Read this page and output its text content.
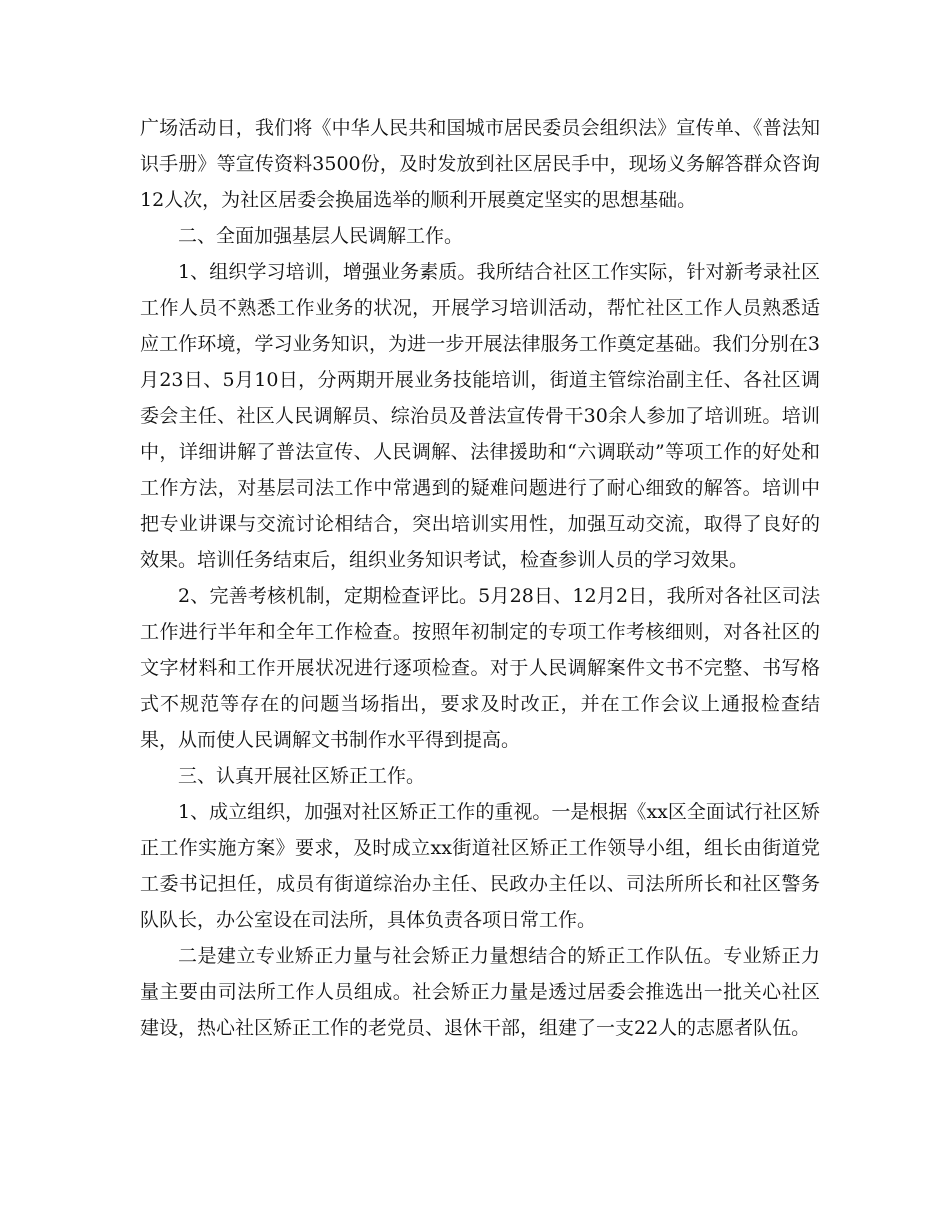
广场活动日，我们将《中华人民共和国城市居民委员会组织法》宣传单、《普法知识手册》等宣传资料3500份，及时发放到社区居民手中，现场义务解答群众咨询12人次，为社区居委会换届选举的顺利开展奠定坚实的思想基础。

二、全面加强基层人民调解工作。

1、组织学习培训，增强业务素质。我所结合社区工作实际，针对新考录社区工作人员不熟悉工作业务的状况，开展学习培训活动，帮忙社区工作人员熟悉适应工作环境，学习业务知识，为进一步开展法律服务工作奠定基础。我们分别在3月23日、5月10日，分两期开展业务技能培训，街道主管综治副主任、各社区调委会主任、社区人民调解员、综治员及普法宣传骨干30余人参加了培训班。培训中，详细讲解了普法宣传、人民调解、法律援助和“六调联动”等项工作的好处和工作方法，对基层司法工作中常遇到的疑难问题进行了耐心细致的解答。培训中把专业讲课与交流讨论相结合，突出培训实用性，加强互动交流，取得了良好的效果。培训任务结束后，组织业务知识考试，检查参训人员的学习效果。

2、完善考核机制，定期检查评比。5月28日、12月2日，我所对各社区司法工作进行半年和全年工作检查。按照年初制定的专项工作考核细则，对各社区的文字材料和工作开展状况进行逐项检查。对于人民调解案件文书不完整、书写格式不规范等存在的问题当场指出，要求及时改正，并在工作会议上通报检查结果，从而使人民调解文书制作水平得到提高。

三、认真开展社区矫正工作。

1、成立组织，加强对社区矫正工作的重视。一是根据《xx区全面试行社区矫正工作实施方案》要求，及时成立xx街道社区矫正工作领导小组，组长由街道党工委书记担任，成员有街道综治办主任、民政办主任以、司法所所长和社区警务队队长，办公室设在司法所，具体负责各项日常工作。

二是建立专业矫正力量与社会矫正力量想结合的矫正工作队伍。专业矫正力量主要由司法所工作人员组成。社会矫正力量是透过居委会推选出一批关心社区建设，热心社区矫正工作的老党员、退休干部，组建了一支22人的志愿者队伍。
